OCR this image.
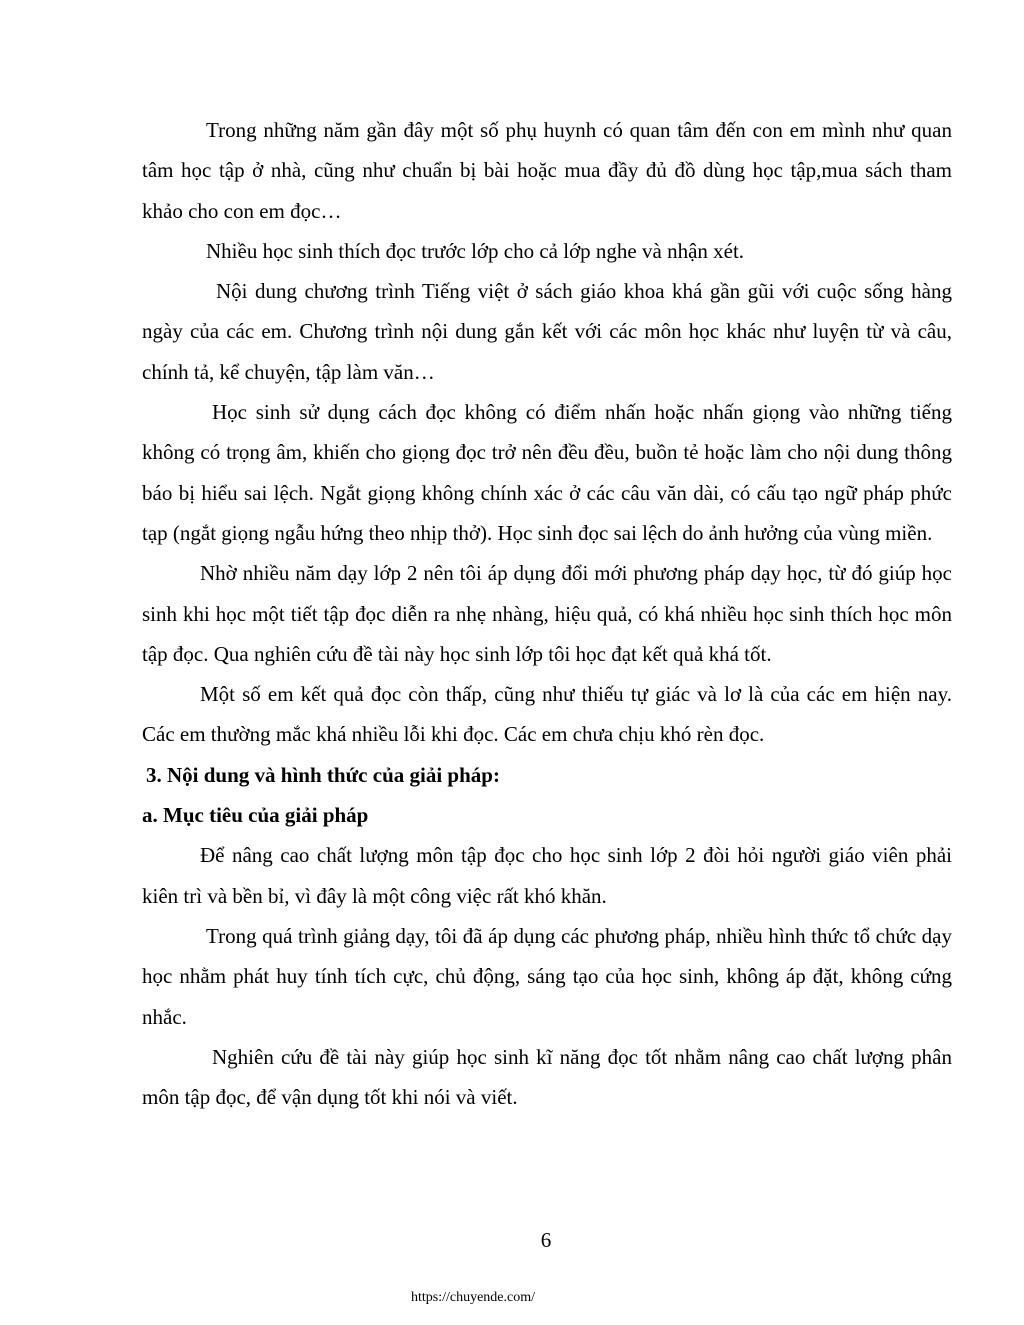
Trong những năm gần đây một số phụ huynh có quan tâm đến con em mình như quan tâm học tập ở nhà, cũng như chuẩn bị bài hoặc mua đầy đủ đồ dùng học tập,mua sách tham khảo cho con em đọc…

Nhiều học sinh thích đọc trước lớp cho cả lớp nghe và nhận xét.

Nội dung chương trình Tiếng việt ở sách giáo khoa khá gần gũi với cuộc sống hàng ngày của các em. Chương trình nội dung gắn kết với các môn học khác như luyện từ và câu, chính tả, kể chuyện, tập làm văn…

Học sinh sử dụng cách đọc không có điểm nhấn hoặc nhấn giọng vào những tiếng không có trọng âm, khiến cho giọng đọc trở nên đều đều, buồn tẻ hoặc làm cho nội dung thông báo bị hiểu sai lệch. Ngắt giọng không chính xác ở các câu văn dài, có cấu tạo ngữ pháp phức tạp (ngắt giọng ngẫu hứng theo nhịp thở). Học sinh đọc sai lệch do ảnh hưởng của vùng miền.

Nhờ nhiều năm dạy lớp 2 nên tôi áp dụng đổi mới phương pháp dạy học, từ đó giúp học sinh khi học một tiết tập đọc diễn ra nhẹ nhàng, hiệu quả, có khá nhiều học sinh thích học môn tập đọc. Qua nghiên cứu đề tài này học sinh lớp tôi học đạt kết quả khá tốt.

Một số em kết quả đọc còn thấp, cũng như thiếu tự giác và lơ là của các em hiện nay. Các em thường mắc khá nhiều lỗi khi đọc. Các em chưa chịu khó rèn đọc.

3. Nội dung và hình thức của giải pháp:

a. Mục tiêu của giải pháp

Để nâng cao chất lượng môn tập đọc cho học sinh lớp 2 đòi hỏi người giáo viên phải kiên trì và bền bỉ, vì đây là một công việc rất khó khăn.

Trong quá trình giảng dạy, tôi đã áp dụng các phương pháp, nhiều hình thức tổ chức dạy học nhằm phát huy tính tích cực, chủ động, sáng tạo của học sinh, không áp đặt, không cứng nhắc.

Nghiên cứu đề tài này giúp học sinh kĩ năng đọc tốt nhằm nâng cao chất lượng phân môn tập đọc, để vận dụng tốt khi nói và viết.

6
https://chuyende.com/
